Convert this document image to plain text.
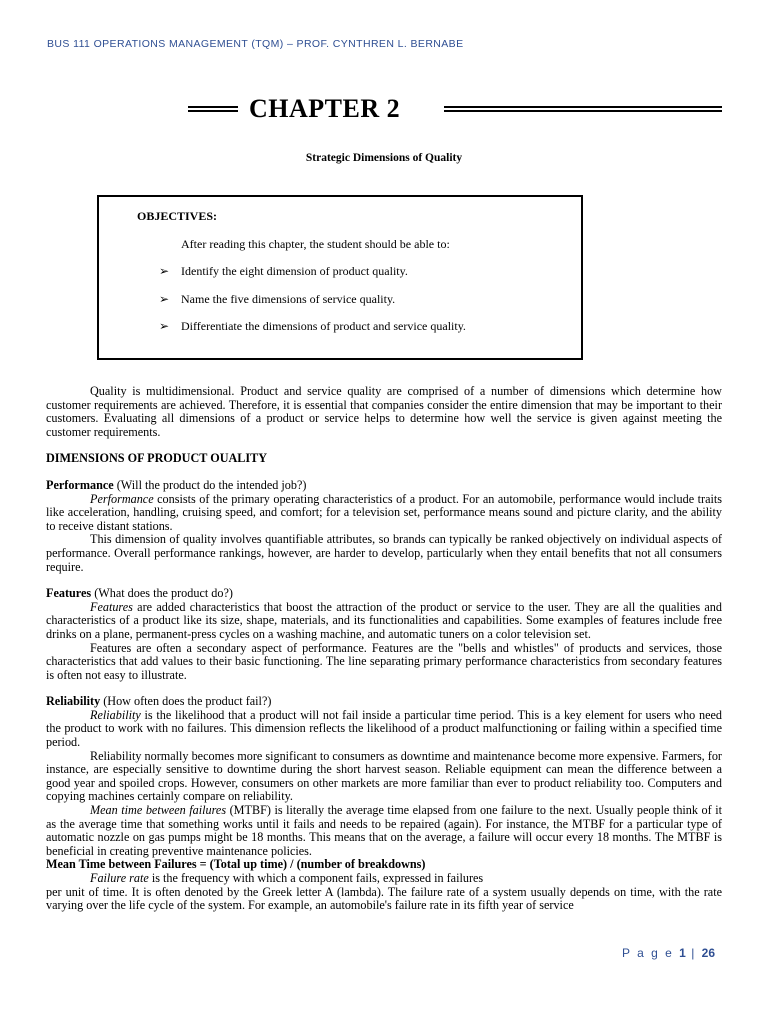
BUS 111 OPERATIONS MANAGEMENT (TQM) – PROF. CYNTHREN L. BERNABE
CHAPTER 2
Strategic Dimensions of Quality
OBJECTIVES:
After reading this chapter, the student should be able to:
➢ Identify the eight dimension of product quality.
➢ Name the five dimensions of service quality.
➢ Differentiate the dimensions of product and service quality.

Quality is multidimensional. Product and service quality are comprised of a number of dimensions which determine how customer requirements are achieved. Therefore, it is essential that companies consider the entire dimension that may be important to their customers. Evaluating all dimensions of a product or service helps to determine how well the service is given against meeting the customer requirements.

DIMENSIONS OF PRODUCT OUALITY

Performance (Will the product do the intended job?)

Performance consists of the primary operating characteristics of a product. For an automobile, performance would include traits like acceleration, handling, cruising speed, and comfort; for a television set, performance means sound and picture clarity, and the ability to receive distant stations.

This dimension of quality involves quantifiable attributes, so brands can typically be ranked objectively on individual aspects of performance. Overall performance rankings, however, are harder to develop, particularly when they entail benefits that not all consumers require.

Features (What does the product do?)

Features are added characteristics that boost the attraction of the product or service to the user. They are all the qualities and characteristics of a product like its size, shape, materials, and its functionalities and capabilities. Some examples of features include free drinks on a plane, permanent-press cycles on a washing machine, and automatic tuners on a color television set.

Features are often a secondary aspect of performance. Features are the "bells and whistles" of products and services, those characteristics that add values to their basic functioning. The line separating primary performance characteristics from secondary features is often not easy to illustrate.

Reliability (How often does the product fail?)

Reliability is the likelihood that a product will not fail inside a particular time period. This is a key element for users who need the product to work with no failures. This dimension reflects the likelihood of a product malfunctioning or failing within a specified time period.

Reliability normally becomes more significant to consumers as downtime and maintenance become more expensive. Farmers, for instance, are especially sensitive to downtime during the short harvest season. Reliable equipment can mean the difference between a good year and spoiled crops. However, consumers on other markets are more familiar than ever to product reliability too. Computers and copying machines certainly compare on reliability.

Mean time between failures (MTBF) is literally the average time elapsed from one failure to the next. Usually people think of it as the average time that something works until it fails and needs to be repaired (again). For instance, the MTBF for a particular type of automatic nozzle on gas pumps might be 18 months. This means that on the average, a failure will occur every 18 months. The MTBF is beneficial in creating preventive maintenance policies.

Mean Time between Failures = (Total up time) / (number of breakdowns)

Failure rate is the frequency with which a component fails, expressed in failures

per unit of time. It is often denoted by the Greek letter A (lambda). The failure rate of a system usually depends on time, with the rate varying over the life cycle of the system. For example, an automobile's failure rate in its fifth year of service

P a g e 1 | 26
